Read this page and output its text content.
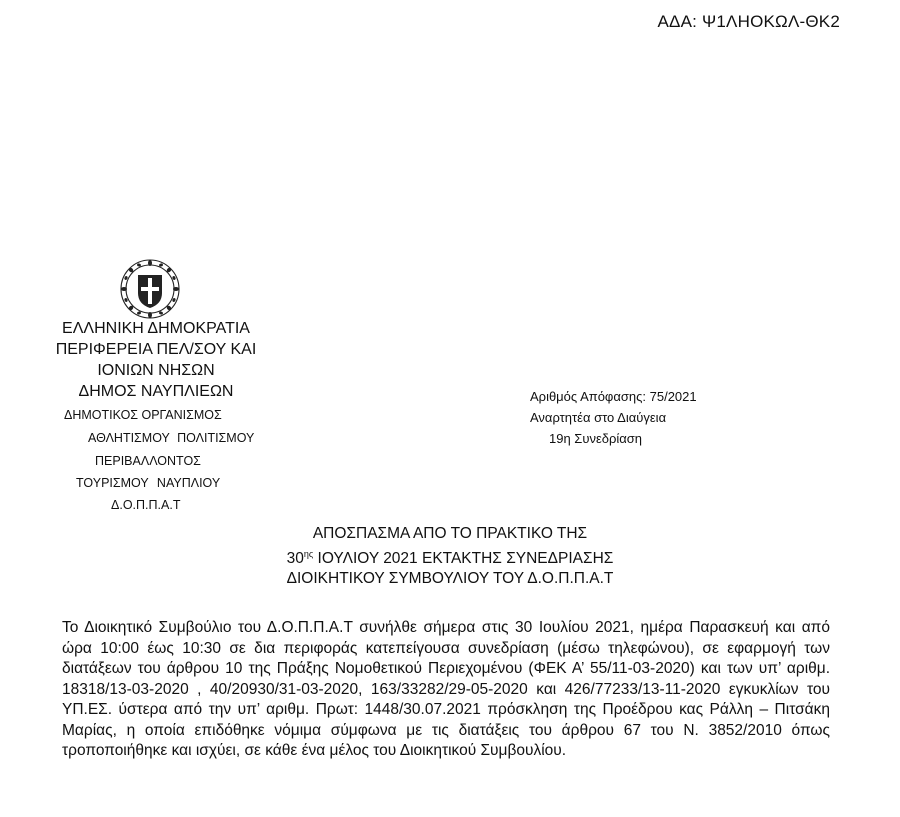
ΑΔΑ: Ψ1ΛΗΟΚΩΛ-ΘΚ2
ΕΛΛΗΝΙΚΗ ΔΗΜΟΚΡΑΤΙΑ
ΠΕΡΙΦΕΡΕΙΑ ΠΕΛ/ΣΟΥ ΚΑΙ
ΙΟΝΙΩΝ ΝΗΣΩΝ
ΔΗΜΟΣ ΝΑΥΠΛΙΕΩΝ
ΔΗΜΟΤΙΚΟΣ ΟΡΓΑΝΙΣΜΟΣ
ΑΘΛΗΤΙΣΜΟΥ ΠΟΛΙΤΙΣΜΟΥ
ΠΕΡΙΒΑΛΛΟΝΤΟΣ
ΤΟΥΡΙΣΜΟΥ ΝΑΥΠΛΙΟΥ
Δ.Ο.Π.Π.Α.Τ
Αριθμός Απόφασης: 75/2021
Αναρτητέα στο Διαύγεια
19η Συνεδρίαση
ΑΠΟΣΠΑΣΜΑ ΑΠΟ ΤΟ ΠΡΑΚΤΙΚΟ ΤΗΣ
$30^{\eta\varsigma}$ ΙΟΥΛΙΟΥ 2021 ΕΚΤΑΚΤΗΣ ΣΥΝΕΔΡΙΑΣΗΣ
ΔΙΟΙΚΗΤΙΚΟΥ ΣΥΜΒΟΥΛΙΟΥ ΤΟΥ Δ.Ο.Π.Π.Α.Τ
Το Διοικητικό Συμβούλιο του Δ.Ο.Π.Π.Α.Τ συνήλθε σήμερα στις 30 Ιουλίου 2021, ημέρα Παρασκευή και από ώρα 10:00 έως 10:30 σε δια περιφοράς κατεπείγουσα συνεδρίαση (μέσω τηλεφώνου), σε εφαρμογή των διατάξεων του άρθρου 10 της Πράξης Νομοθετικού Περιεχομένου (ΦΕΚ Α’ 55/11-03-2020) και των υπ’ αριθμ. 18318/13-03-2020 , 40/20930/31-03-2020, 163/33282/29-05-2020 και 426/77233/13-11-2020 εγκυκλίων του ΥΠ.ΕΣ. ύστερα από την υπ’ αριθμ. Πρωτ: 1448/30.07.2021 πρόσκληση της Προέδρου κας Ράλλη – Πιτσάκη Μαρίας, η οποία επιδόθηκε νόμιμα σύμφωνα με τις διατάξεις του άρθρου 67 του Ν. 3852/2010 όπως τροποποιήθηκε και ισχύει, σε κάθε ένα μέλος του Διοικητικού Συμβουλίου.
